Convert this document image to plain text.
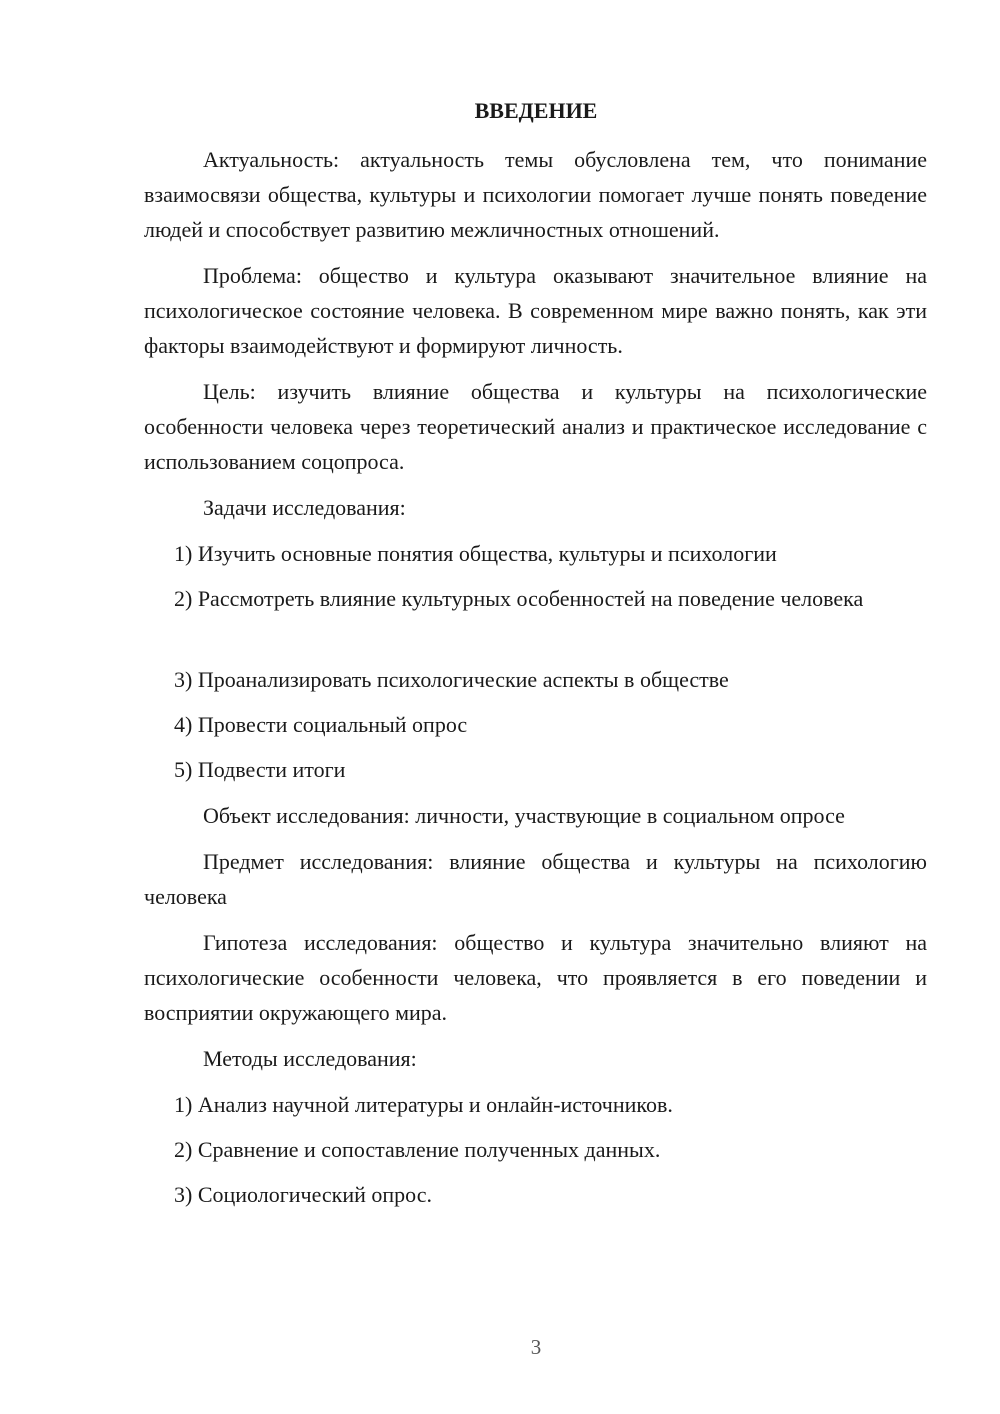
ВВЕДЕНИЕ

Актуальность: актуальность темы обусловлена тем, что понимание взаимосвязи общества, культуры и психологии помогает лучше понять поведение людей и способствует развитию межличностных отношений.

Проблема: общество и культура оказывают значительное влияние на психологическое состояние человека. В современном мире важно понять, как эти факторы взаимодействуют и формируют личность.

Цель: изучить влияние общества и культуры на психологические особенности человека через теоретический анализ и практическое исследование с использованием соцопроса.

Задачи исследования:

1) Изучить основные понятия общества, культуры и психологии

2) Рассмотреть влияние культурных особенностей на поведение человека

3) Проанализировать психологические аспекты в обществе

4) Провести социальный опрос

5) Подвести итоги

Объект исследования: личности, участвующие в социальном опросе

Предмет исследования: влияние общества и культуры на психологию человека

Гипотеза исследования: общество и культура значительно влияют на психологические особенности человека, что проявляется в его поведении и восприятии окружающего мира.

Методы исследования:

1) Анализ научной литературы и онлайн-источников.

2) Сравнение и сопоставление полученных данных.

3) Социологический опрос.

3
